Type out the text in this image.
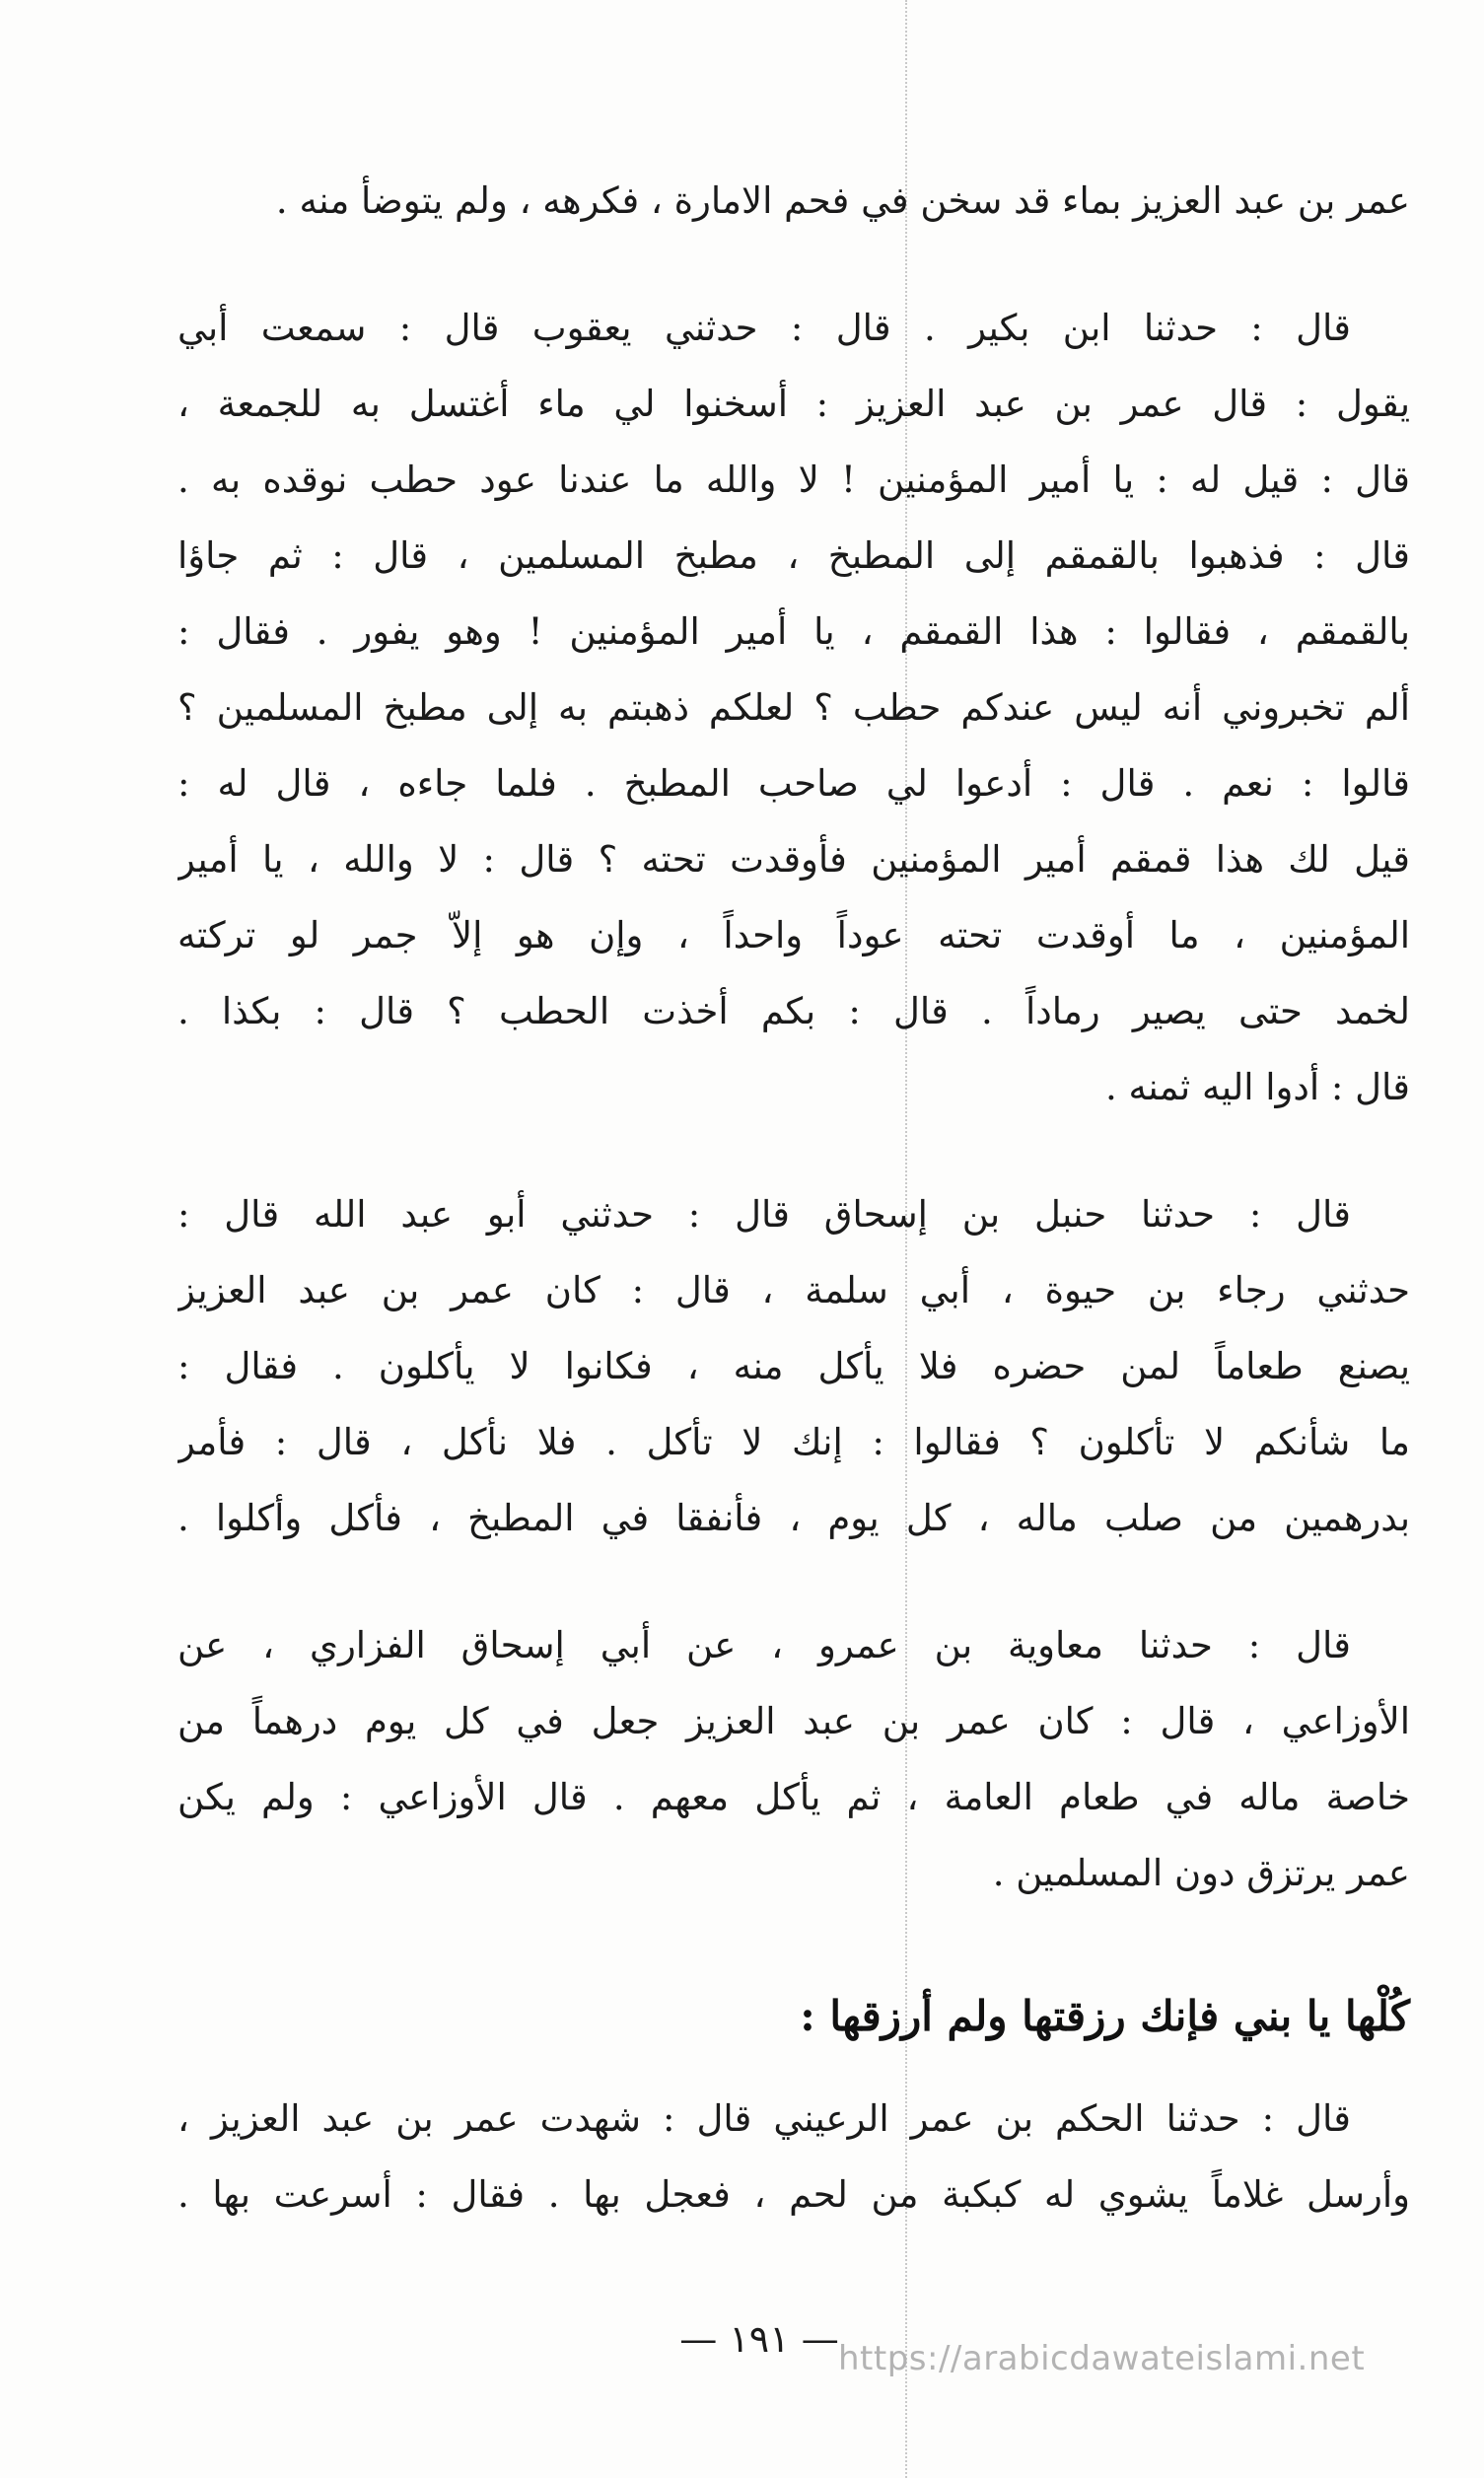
عمر بن عبد العزيز بماء قد سخن في فحم الامارة ، فكرهه ، ولم يتوضأ منه .
قال : حدثنا ابن بكير . قال : حدثني يعقوب قال : سمعت أبي
يقول : قال عمر بن عبد العزيز : أسخنوا لي ماء أغتسل به للجمعة ،
قال : قيل له : يا أمير المؤمنين ! لا والله ما عندنا عود حطب نوقده به .
قال : فذهبوا بالقمقم إلى المطبخ ، مطبخ المسلمين ، قال : ثم جاؤا
بالقمقم ، فقالوا : هذا القمقم ، يا أمير المؤمنين ! وهو يفور . فقال :
ألم تخبروني أنه ليس عندكم حطب ؟ لعلكم ذهبتم به إلى مطبخ المسلمين ؟
قالوا : نعم . قال : أدعوا لي صاحب المطبخ . فلما جاءه ، قال له :
قيل لك هذا قمقم أمير المؤمنين فأوقدت تحته ؟ قال : لا والله ، يا أمير
المؤمنين ، ما أوقدت تحته عوداً واحداً ، وإن هو إلاّ جمر لو تركته
لخمد حتى يصير رماداً . قال : بكم أخذت الحطب ؟ قال : بكذا .
قال : أدوا اليه ثمنه .
قال : حدثنا حنبل بن إسحاق قال : حدثني أبو عبد الله قال :
حدثني رجاء بن حيوة ، أبي سلمة ، قال : كان عمر بن عبد العزيز
يصنع طعاماً لمن حضره فلا يأكل منه ، فكانوا لا يأكلون . فقال :
ما شأنكم لا تأكلون ؟ فقالوا : إنك لا تأكل . فلا نأكل ، قال : فأمر
بدرهمين من صلب ماله ، كل يوم ، فأنفقا في المطبخ ، فأكل وأكلوا .
قال : حدثنا معاوية بن عمرو ، عن أبي إسحاق الفزاري ، عن
الأوزاعي ، قال : كان عمر بن عبد العزيز جعل في كل يوم درهماً من
خاصة ماله في طعام العامة ، ثم يأكل معهم . قال الأوزاعي : ولم يكن
عمر يرتزق دون المسلمين .
كُلْها يا بني فإنك رزقتها ولم أرزقها :
قال : حدثنا الحكم بن عمر الرعيني قال : شهدت عمر بن عبد العزيز ،
وأرسل غلاماً يشوي له كبكبة من لحم ، فعجل بها . فقال : أسرعت بها .
— ١٩١ — https://arabicdawateislami.net
